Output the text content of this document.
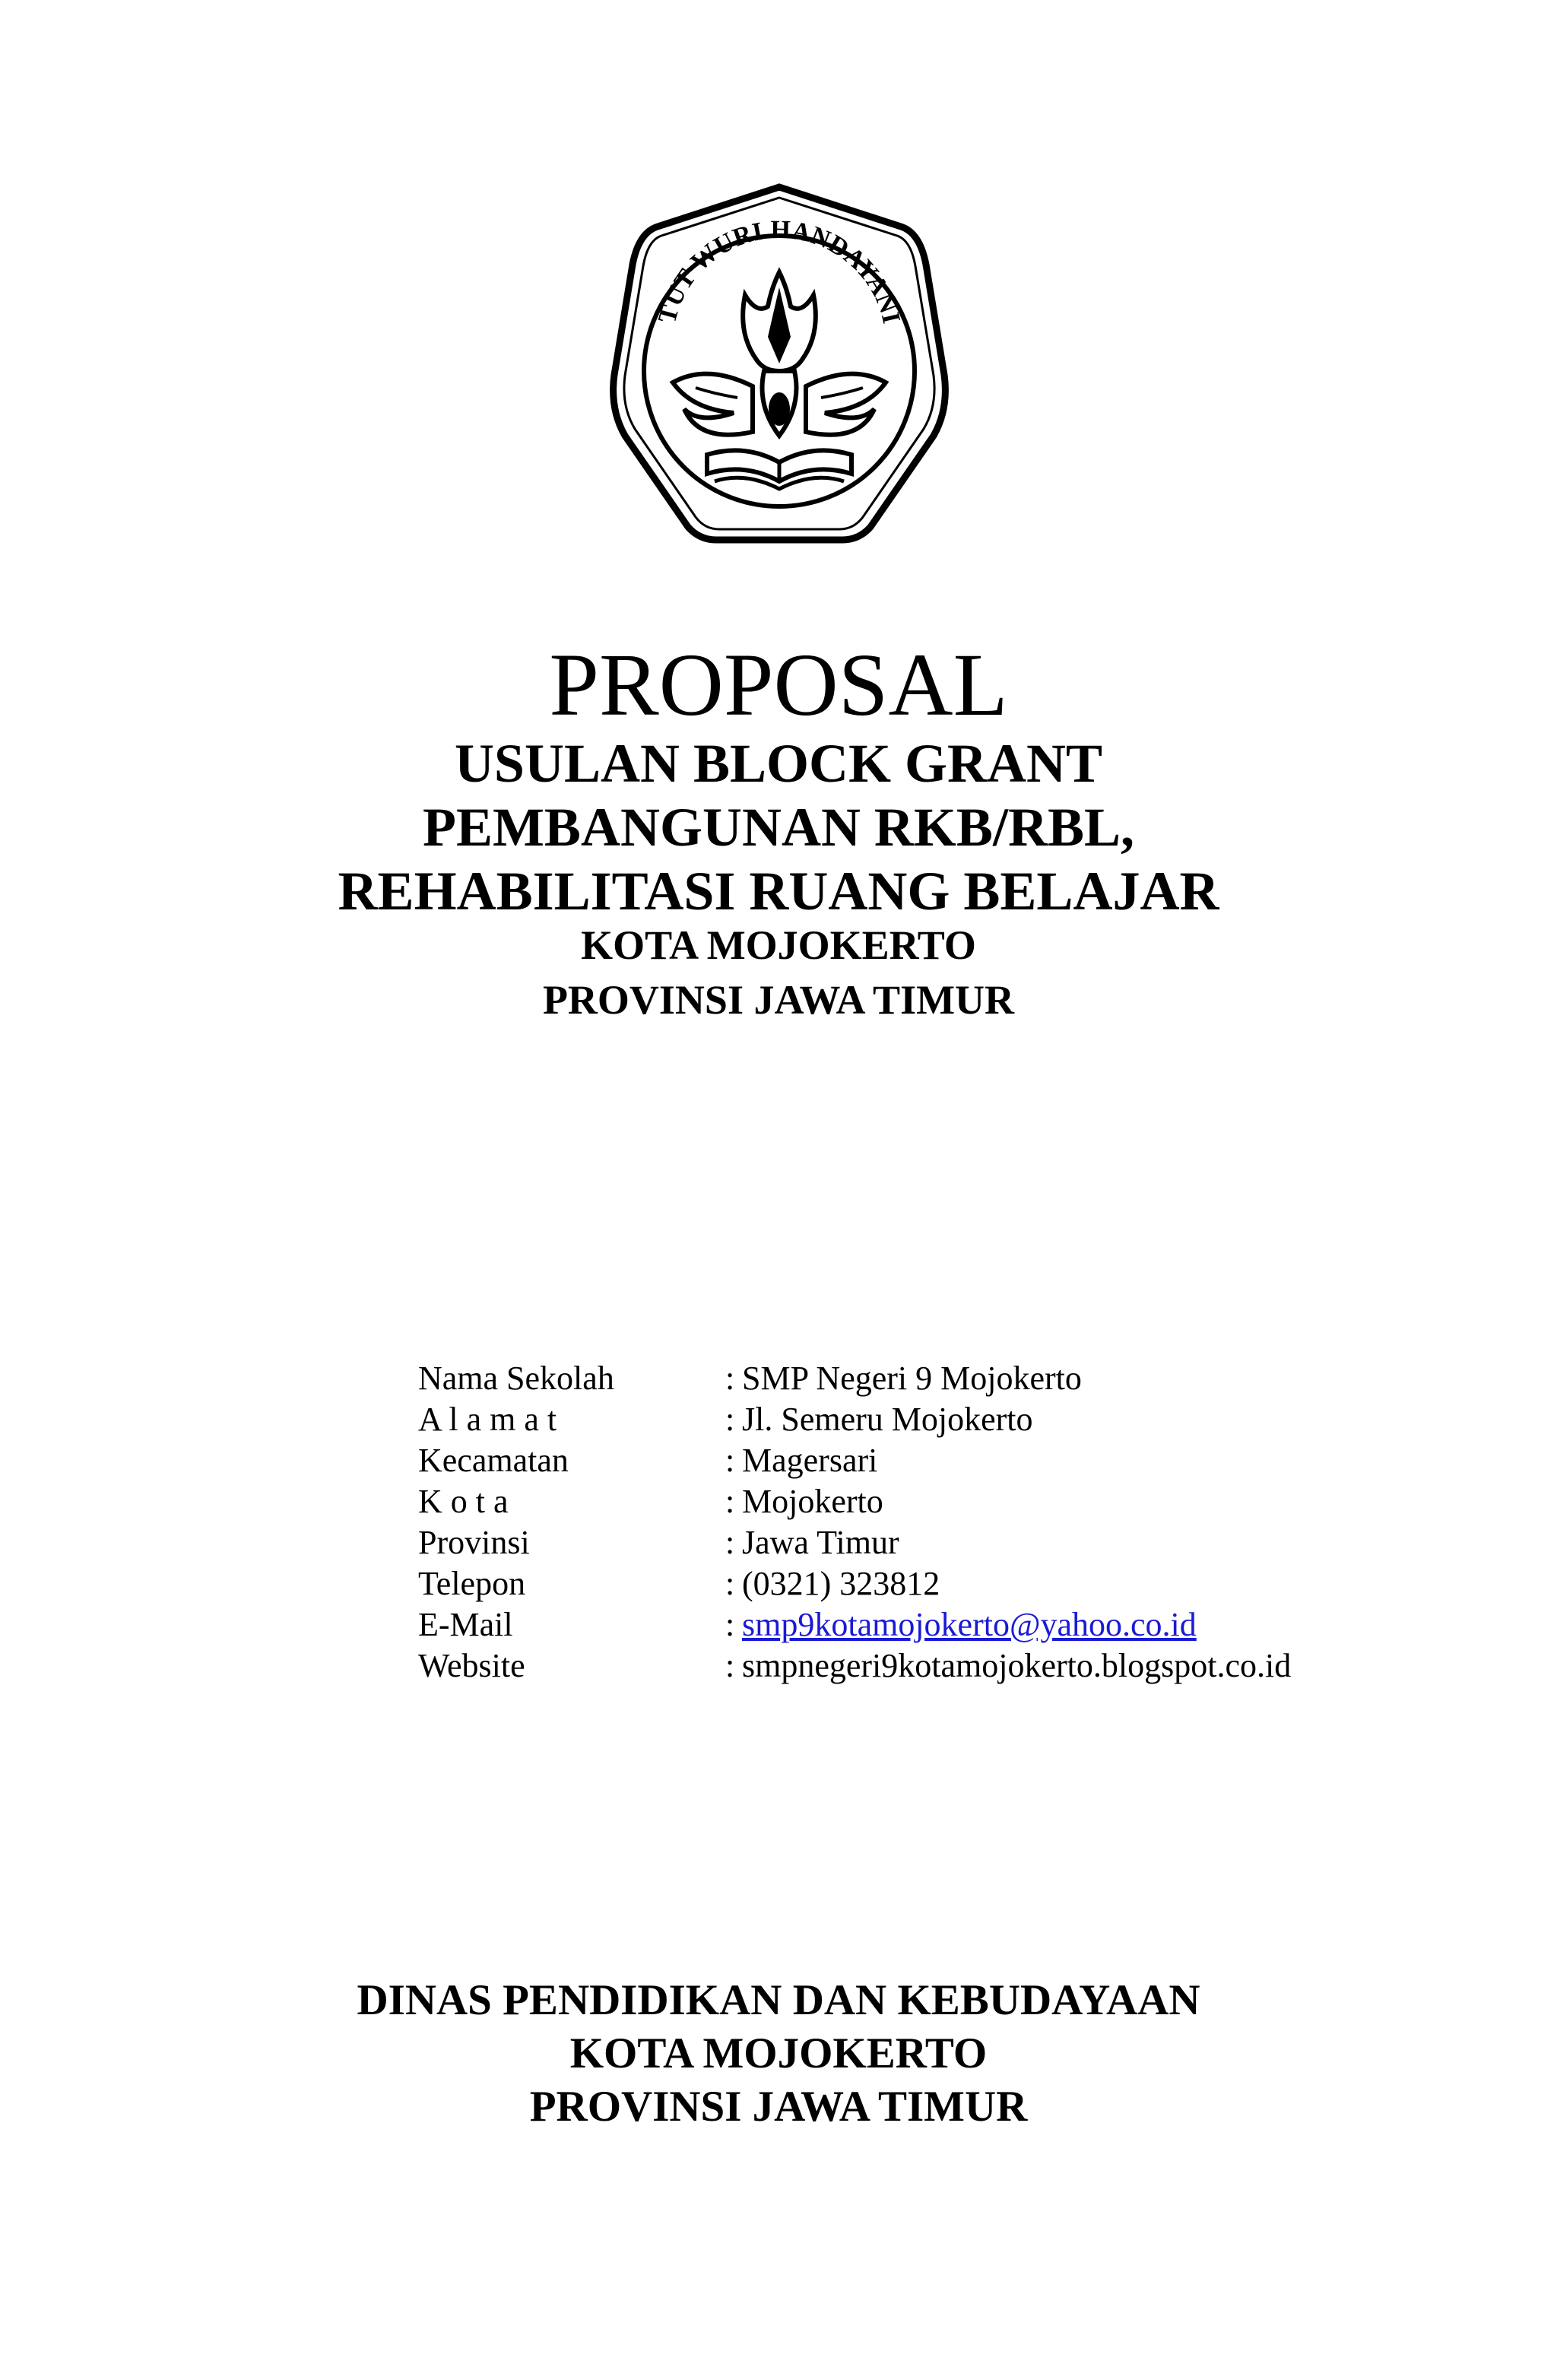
TUT WURI HANDAYANI
PROPOSAL
USULAN BLOCK GRANT
PEMBANGUNAN RKB/RBL,
REHABILITASI RUANG BELAJAR
KOTA MOJOKERTO
PROVINSI JAWA TIMUR
Nama Sekolah	: SMP Negeri 9 Mojokerto
A l a m a t	: Jl. Semeru Mojokerto
Kecamatan	: Magersari
K o t a	: Mojokerto
Provinsi	: Jawa Timur
Telepon	: (0321) 323812
E-Mail	: smp9kotamojokerto@yahoo.co.id
Website	: smpnegeri9kotamojokerto.blogspot.co.id
DINAS PENDIDIKAN DAN KEBUDAYAAN
KOTA MOJOKERTO
PROVINSI JAWA TIMUR
